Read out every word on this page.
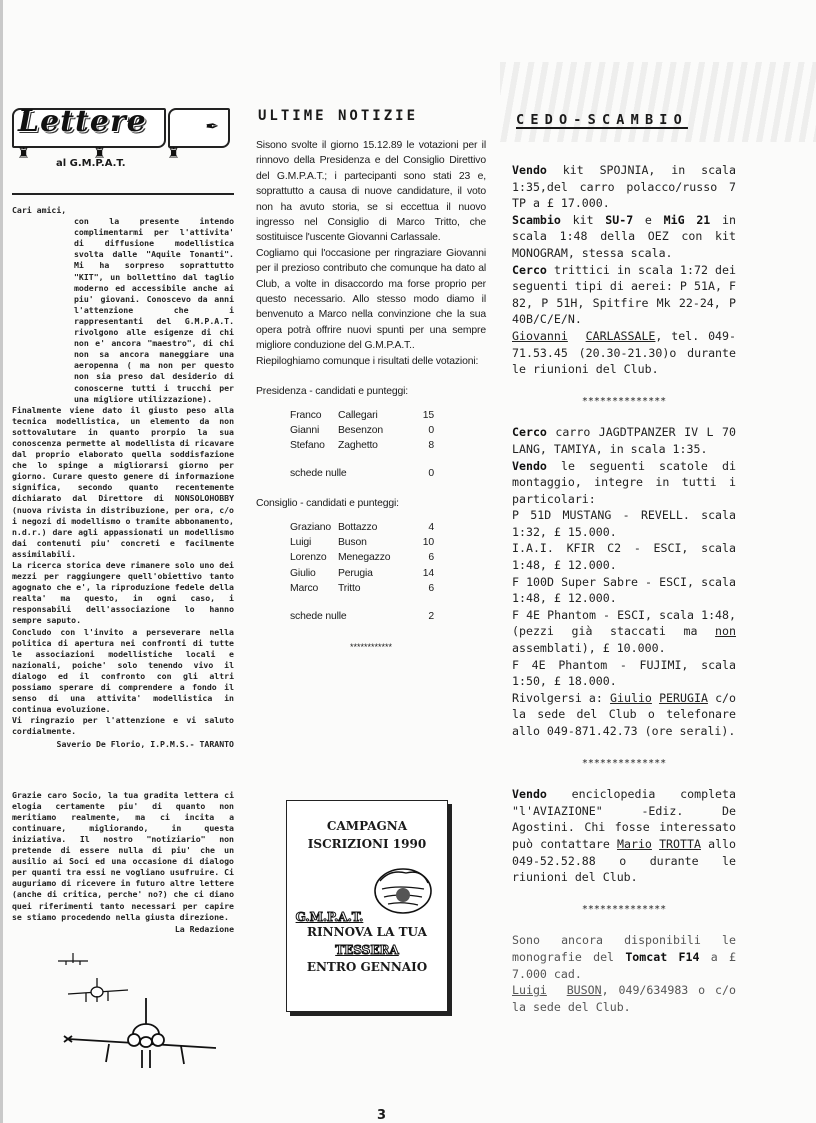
Lettere
♜	♜	♜
✒
al G.M.P.A.T.

Cari amici,

con la presente intendo complimentarmi per l'attivita' di diffusione modellistica svolta dalle "Aquile Tonanti". Mi ha sorpreso soprattutto "KIT", un bollettino dal taglio moderno ed accessibile anche ai piu' giovani. Conoscevo da anni l'attenzione che i rappresentanti del G.M.P.A.T. rivolgono alle esigenze di chi non e' ancora "maestro", di chi non sa ancora maneggiare una aeropenna ( ma non per questo non sia preso dal desiderio di conoscerne tutti i trucchi per una migliore utilizzazione).

Finalmente viene dato il giusto peso alla tecnica modellistica, un elemento da non sottovalutare in quanto prorpio la sua conoscenza permette al modellista di ricavare dal proprio elaborato quella soddisfazione che lo spinge a migliorarsi giorno per giorno. Curare questo genere di informazione significa, secondo quanto recentemente dichiarato dal Direttore di NONSOLOHOBBY (nuova rivista in distribuzione, per ora, c/o i negozi di modellismo o tramite abbonamento, n.d.r.) dare agli appassionati un modellismo dai contenuti piu' concreti e facilmente assimilabili.

La ricerca storica deve rimanere solo uno dei mezzi per raggiungere quell'obiettivo tanto agognato che e', la riproduzione fedele della realta' ma questo, in ogni caso, i responsabili dell'associazione lo hanno sempre saputo.

Concludo con l'invito a perseverare nella politica di apertura nei confronti di tutte le associazioni modellistiche locali e nazionali, poiche' solo tenendo vivo il dialogo ed il confronto con gli altri possiamo sperare di comprendere a fondo il senso di una attivita' modellistica in continua evoluzione.

Vi ringrazio per l'attenzione e vi saluto cordialmente.

Saverio De Florio, I.P.M.S.- TARANTO

Grazie caro Socio, la tua gradita lettera ci elogia certamente piu' di quanto non meritiamo realmente, ma ci incita a continuare, migliorando, in questa iniziativa. Il nostro "notiziario" non pretende di essere nulla di piu' che un ausilio ai Soci ed una occasione di dialogo per quanti tra essi ne vogliano usufruire. Ci auguriamo di ricevere in futuro altre lettere (anche di critica, perche' no?) che ci diano quei riferimenti tanto necessari per capire se stiamo procedendo nella giusta direzione.

La Redazione

ULTIME NOTIZIE

Sisono svolte il giorno 15.12.89 le votazioni per il rinnovo della Presidenza e del Consiglio Direttivo del G.M.P.A.T.; i partecipanti sono stati 23 e, soprattutto a causa di nuove candidature, il voto non ha avuto storia, se si eccettua il nuovo ingresso nel Consiglio di Marco Tritto, che sostituisce l'uscente Giovanni Carlassale.

Cogliamo qui l'occasione per ringraziare Giovanni per il prezioso contributo che comunque ha dato al Club, a volte in disaccordo ma forse proprio per questo necessario. Allo stesso modo diamo il benvenuto a Marco nella convinzione che la sua opera potrà offrire nuovi spunti per una sempre migliore conduzione del G.M.P.A.T..

Riepiloghiamo comunque i risultati delle votazioni:

Presidenza - candidati e punteggi:

Franco	Callegari	15
Gianni	Besenzon	0
Stefano	Zaghetto	8

schede nulle		0

Consiglio - candidati e punteggi:

Graziano	Bottazzo	4
Luigi	Buson	10
Lorenzo	Menegazzo	6
Giulio	Perugia	14
Marco	Tritto	6

schede nulle		2
************
CAMPAGNA
ISCRIZIONI 1990
G.M.P.A.T.
RINNOVA LA TUA
TESSERA
ENTRO GENNAIO
CEDO-SCAMBIO

Vendo kit SPOJNIA, in scala 1:35,del carro polacco/russo 7 TP a £ 17.000.

Scambio kit SU-7 e MiG 21 in scala 1:48 della OEZ con kit MONOGRAM, stessa scala.

Cerco trittici in scala 1:72 dei seguenti tipi di aerei: P 51A, F 82, P 51H, Spitfire Mk 22-24, P 40B/C/E/N.

Giovanni CARLASSALE, tel. 049-71.53.45 (20.30-21.30)o durante le riunioni del Club.

**************

Cerco carro JAGDTPANZER IV L 70 LANG, TAMIYA, in scala 1:35.

Vendo le seguenti scatole di montaggio, integre in tutti i particolari:

P 51D MUSTANG - REVELL. scala 1:32, £ 15.000.

I.A.I. KFIR C2 - ESCI, scala 1:48, £ 12.000.

F 100D Super Sabre - ESCI, scala 1:48, £ 12.000.

F 4E Phantom - ESCI, scala 1:48, (pezzi già staccati ma non assemblati), £ 10.000.

F 4E Phantom - FUJIMI, scala 1:50, £ 18.000.

Rivolgersi a: Giulio PERUGIA c/o la sede del Club o telefonare allo 049-871.42.73 (ore serali).

**************

Vendo enciclopedia completa "l'AVIAZIONE" -Ediz. De Agostini. Chi fosse interessato può contattare Mario TROTTA allo 049-52.52.88 o durante le riunioni del Club.

**************

Sono ancora disponibili le monografie del Tomcat F14 a £ 7.000 cad.

Luigi BUSON, 049/634983 o c/o la sede del Club.

3
